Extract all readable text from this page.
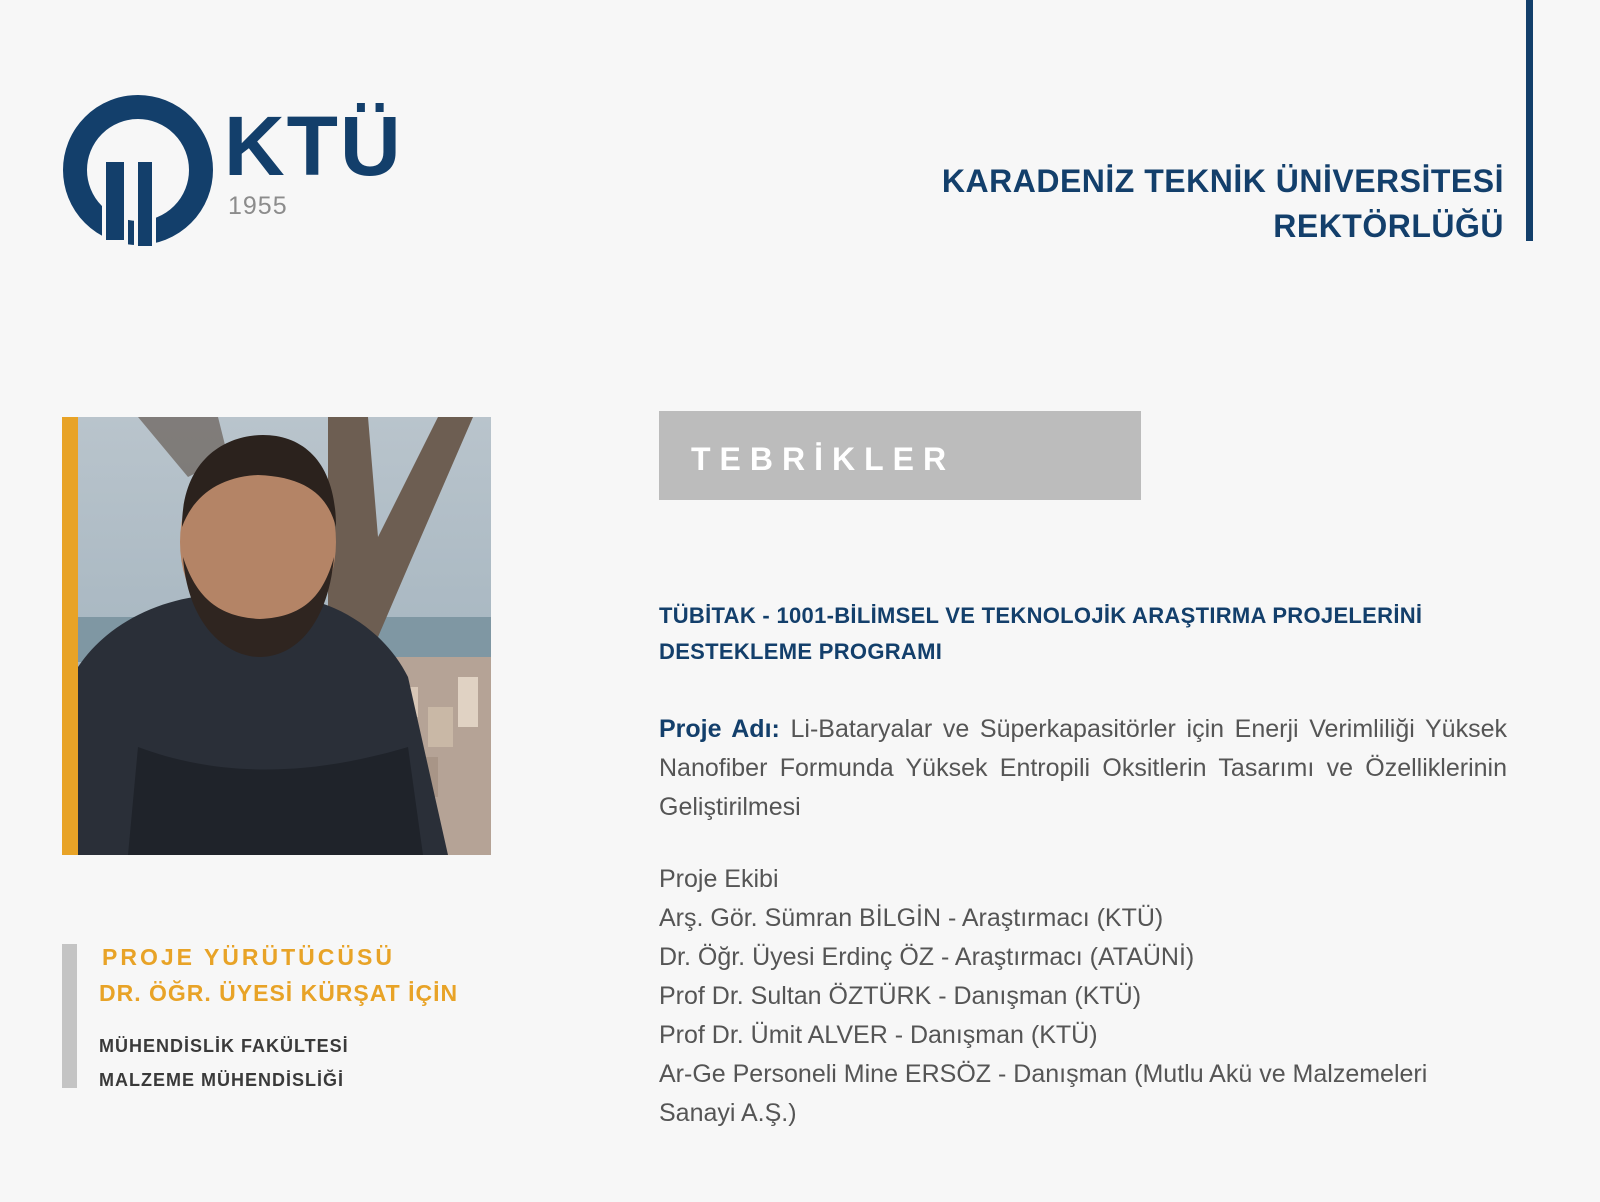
KTÜ
1955
KARADENİZ TEKNİK ÜNİVERSİTESİ
REKTÖRLÜĞÜ
PROJE YÜRÜTÜCÜSÜ
DR. ÖĞR. ÜYESİ KÜRŞAT İÇİN
MÜHENDİSLİK FAKÜLTESİ
MALZEME MÜHENDİSLİĞİ
TEBRİKLER
TÜBİTAK - 1001-BİLİMSEL VE TEKNOLOJİK ARAŞTIRMA PROJELERİNİ
DESTEKLEME PROGRAMI
Proje Adı: Li-Bataryalar ve Süperkapasitörler için Enerji Verimliliği Yüksek Nanofiber Formunda Yüksek Entropili Oksitlerin Tasarımı ve Özelliklerinin Geliştirilmesi
Proje Ekibi
Arş. Gör. Sümran BİLGİN - Araştırmacı (KTÜ)
Dr. Öğr. Üyesi Erdinç ÖZ - Araştırmacı (ATAÜNİ)
Prof Dr. Sultan ÖZTÜRK - Danışman (KTÜ)
Prof Dr. Ümit ALVER - Danışman (KTÜ)
Ar-Ge Personeli Mine ERSÖZ - Danışman (Mutlu Akü ve Malzemeleri
Sanayi A.Ş.)
